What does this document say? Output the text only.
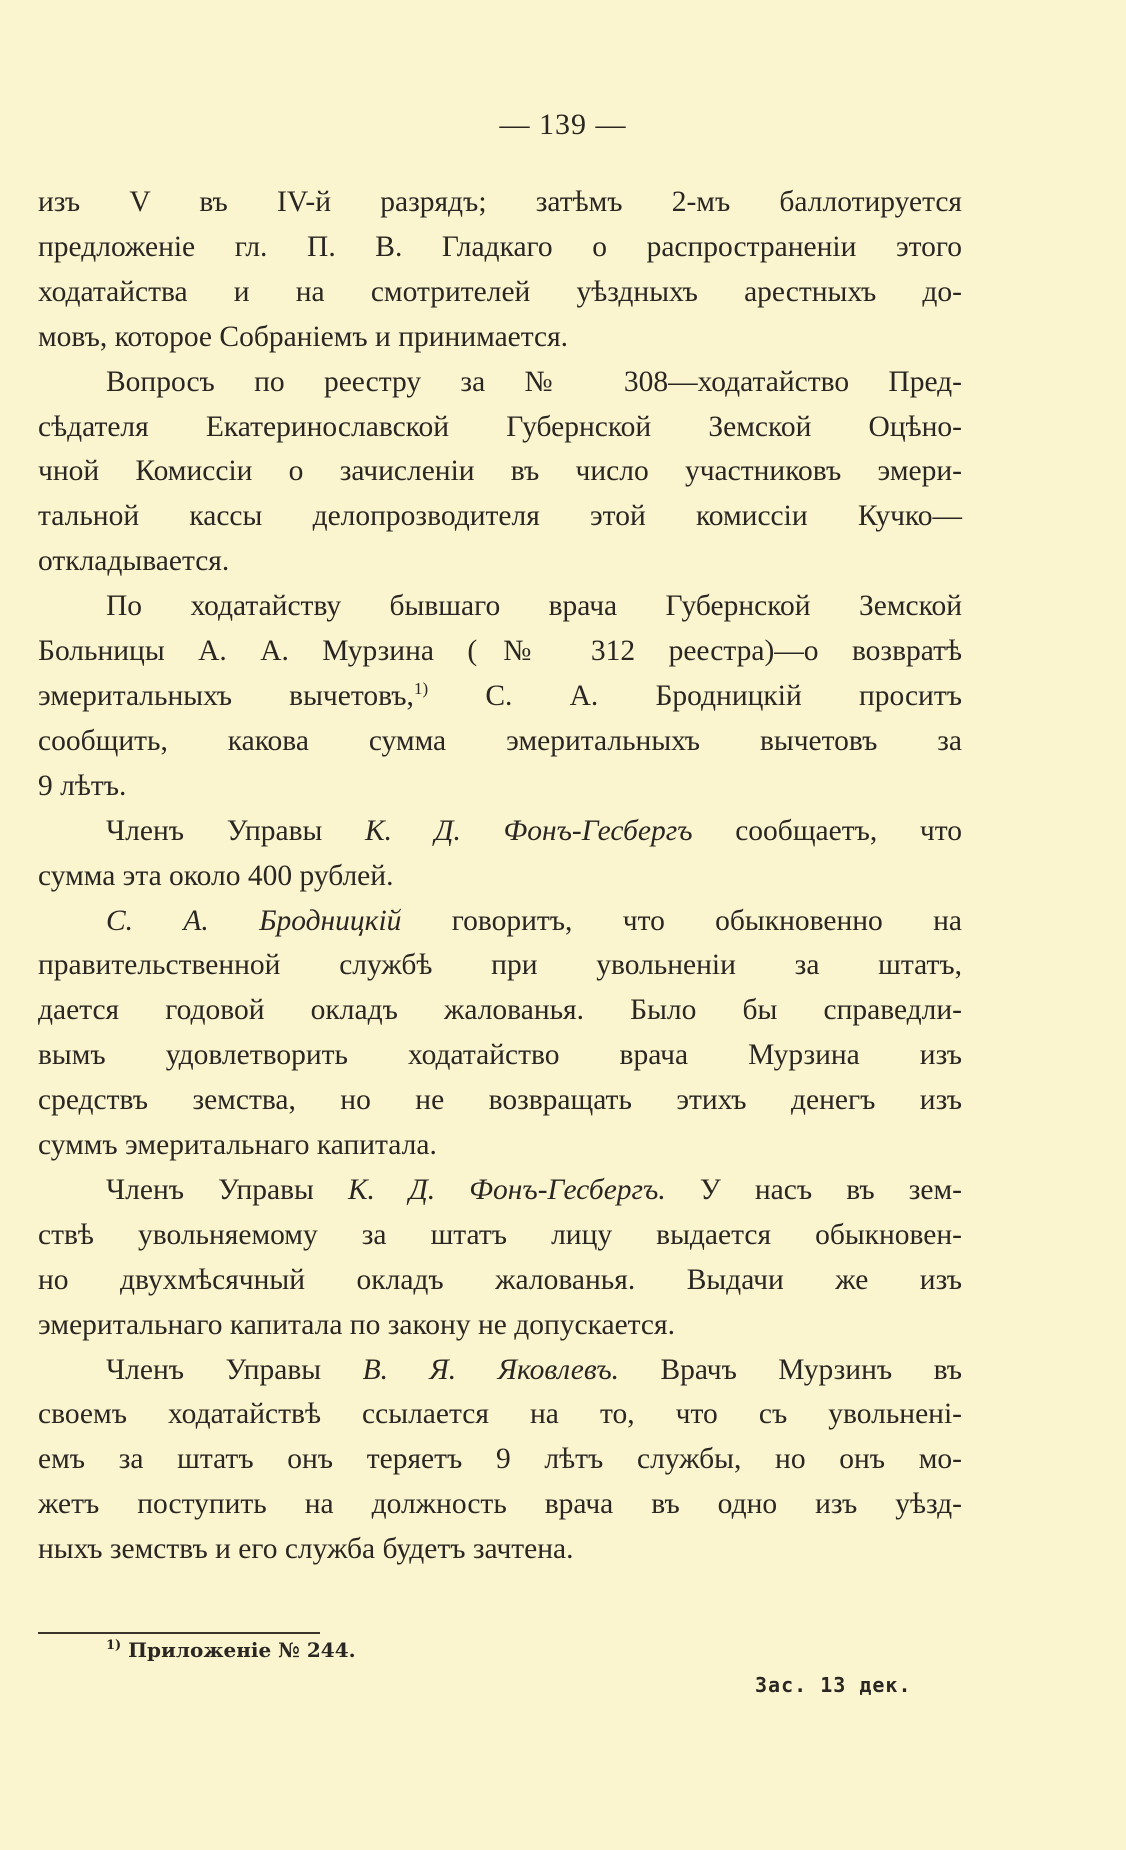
— 139 —
изъ V въ IV-й разрядъ; затѣмъ 2-мъ баллотируется
предложеніе гл. П. В. Гладкаго о распространеніи этого
ходатайства и на смотрителей уѣздныхъ арестныхъ до-
мовъ, которое Собраніемъ и принимается.
Вопросъ по реестру за № 308—ходатайство Пред-
сѣдателя Екатеринославской Губернской Земской Оцѣно-
чной Комиссіи о зачисленіи въ число участниковъ эмери-
тальной кассы делопрозводителя этой комиссіи Кучко—
откладывается.
По ходатайству бывшаго врача Губернской Земской
Больницы А. А. Мурзина (№ 312 реестра)—о возвратѣ
эмеритальныхъ вычетовъ,$^{1)}$ С. А. Бродницкій проситъ
сообщить, какова сумма эмеритальныхъ вычетовъ за
9 лѣтъ.
Членъ Управы К. Д. Фонъ-Гесбергъ сообщаетъ, что
сумма эта около 400 рублей.
С. А. Бродницкій говоритъ, что обыкновенно на
правительственной службѣ при увольненіи за штатъ,
дается годовой окладъ жалованья. Было бы справедли-
вымъ удовлетворить ходатайство врача Мурзина изъ
средствъ земства, но не возвращать этихъ денегъ изъ
суммъ эмеритальнаго капитала.
Членъ Управы К. Д. Фонъ-Гесбергъ. У насъ въ зем-
ствѣ увольняемому за штатъ лицу выдается обыкновен-
но двухмѣсячный окладъ жалованья. Выдачи же изъ
эмеритальнаго капитала по закону не допускается.
Членъ Управы В. Я. Яковлевъ. Врачъ Мурзинъ въ
своемъ ходатайствѣ ссылается на то, что съ увольненi-
емъ за штатъ онъ теряетъ 9 лѣтъ службы, но онъ мо-
жетъ поступить на должность врача въ одно изъ уѣзд-
ныхъ земствъ и его служба будетъ зачтена.
$^{1)}$ Приложеніе № 244.
Зас. 13 дек.
